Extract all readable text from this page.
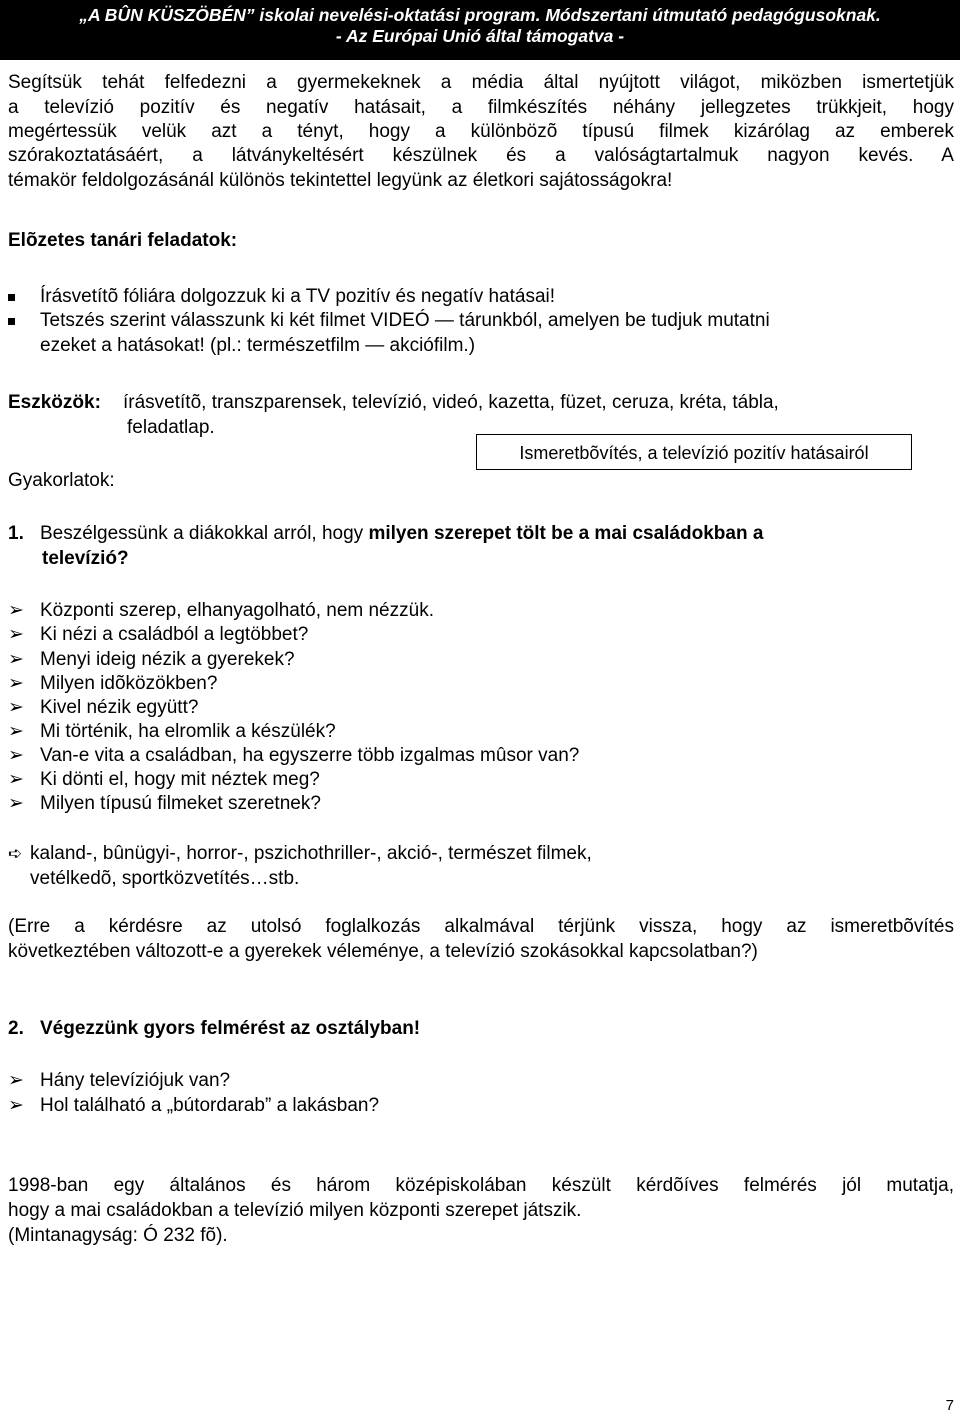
„A BÛN KÜSZÖBÉN” iskolai nevelési-oktatási program. Módszertani útmutató pedagógusoknak.
- Az Európai Unió által támogatva -
Segítsük tehát felfedezni a gyermekeknek a média által nyújtott világot, miközben ismertetjük
a televízió pozitív és negatív hatásait, a filmkészítés néhány jellegzetes trükkjeit, hogy
megértessük velük azt a tényt, hogy a különbözõ típusú filmek kizárólag az emberek
szórakoztatásáért, a látványkeltésért készülnek és a valóságtartalmuk nagyon kevés. A
témakör feldolgozásánál különös tekintettel legyünk az életkori sajátosságokra!
Elõzetes tanári feladatok:
Írásvetítõ fóliára dolgozzuk ki a TV pozitív és negatív hatásai!
Tetszés szerint válasszunk ki két filmet VIDEÓ — tárunkból, amelyen be tudjuk mutatni
ezeket a hatásokat! (pl.: természetfilm — akciófilm.)
Eszközök: írásvetítõ, transzparensek, televízió, videó, kazetta, füzet, ceruza, kréta, tábla,
feladatlap.
Ismeretbõvítés, a televízió pozitív hatásairól
Gyakorlatok:
1. Beszélgessünk a diákokkal arról, hogy milyen szerepet tölt be a mai családokban a
televízió?
➢ Központi szerep, elhanyagolható, nem nézzük.
➢ Ki nézi a családból a legtöbbet?
➢ Menyi ideig nézik a gyerekek?
➢ Milyen idõközökben?
➢ Kivel nézik együtt?
➢ Mi történik, ha elromlik a készülék?
➢ Van-e vita a családban, ha egyszerre több izgalmas mûsor van?
➢ Ki dönti el, hogy mit néztek meg?
➢ Milyen típusú filmeket szeretnek?
➪ kaland-, bûnügyi-, horror-, pszichothriller-, akció-, természet filmek,
vetélkedõ, sportközvetítés…stb.
(Erre a kérdésre az utolsó foglalkozás alkalmával térjünk vissza, hogy az ismeretbõvítés
következtében változott-e a gyerekek véleménye, a televízió szokásokkal kapcsolatban?)
2. Végezzünk gyors felmérést az osztályban!
➢ Hány televíziójuk van?
➢ Hol található a „bútordarab” a lakásban?
1998-ban egy általános és három középiskolában készült kérdõíves felmérés jól mutatja,
hogy a mai családokban a televízió milyen központi szerepet játszik.
(Mintanagyság: Ó 232 fõ).
7
